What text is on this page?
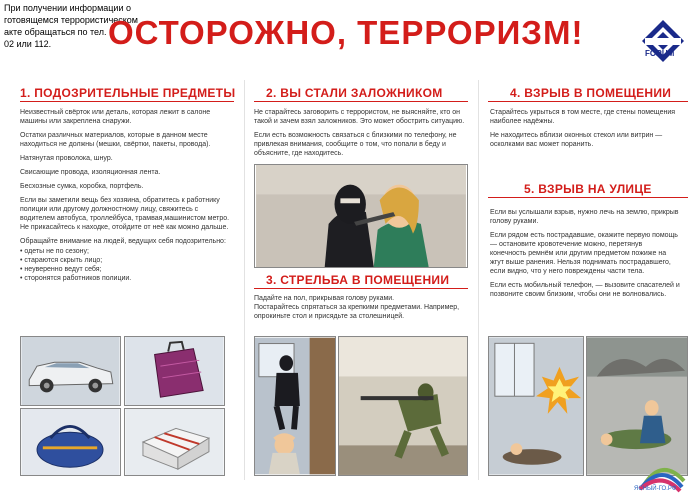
При получении информации о
готовящемся террористическом
акте обращаться по тел.
02 или 112.	ОСТОРОЖНО, ТЕРРОРИЗМ!
FORUM
1. ПОДОЗРИТЕЛЬНЫЕ ПРЕДМЕТЫ

Неизвестный свёрток или деталь, которая лежит в салоне машины или закреплена снаружи.

Остатки различных материалов, которые в данном месте находиться не должны (мешки, свёртки, пакеты, провода).

Натянутая проволока, шнур.

Свисающие провода, изоляционная лента.

Бесхозные сумка, коробка, портфель.

Если вы заметили вещь без хозяина, обратитесь к работнику полиции или другому должностному лицу, свяжитесь с водителем автобуса, троллейбуса, трамвая,машинистом метро. Не прикасайтесь к находке, отойдите от неё как можно дальше.

Обращайте внимание на людей, ведущих себя подозрительно:

• одеты не по сезону;
• стараются скрыть лицо;
• неуверенно ведут себя;
• сторонятся работников полиции.
2. ВЫ СТАЛИ ЗАЛОЖНИКОМ

Не старайтесь заговорить с террористом, не выясняйте, кто он такой и зачем взял заложников. Это может обострить ситуацию.

Если есть возможность связаться с близкими по телефону, не привлекая внимания, сообщите о том, что попали в беду и объясните, где находитесь.

3. СТРЕЛЬБА В ПОМЕЩЕНИИ

Падайте на пол, прикрывая голову руками.

Постарайтесь спрятаться за крепкими предметами. Например, опрокиньте стол и присядьте за столешницей.

4. ВЗРЫВ В ПОМЕЩЕНИИ

Старайтесь укрыться в том месте, где стены помещения наиболее надёжны.

Не находитесь вблизи оконных стекол или витрин — осколками вас может поранить.

5. ВЗРЫВ НА УЛИЦЕ

Если вы услышали взрыв, нужно лечь на землю, прикрыв голову руками.

Если рядом есть пострадавшие, окажите первую помощь — остановите кровотечение можно, перетянув конечность ремнём или другим предметом пожиже на жгут выше ранения. Нельзя поднимать пострадавшего, если видно, что у него повреждены части тела.

Если есть мобильный телефон, — вызовите спасателей и позвоните своим близким, чтобы они не волновались.

ЯСНЫЙ-ГО.РФ
